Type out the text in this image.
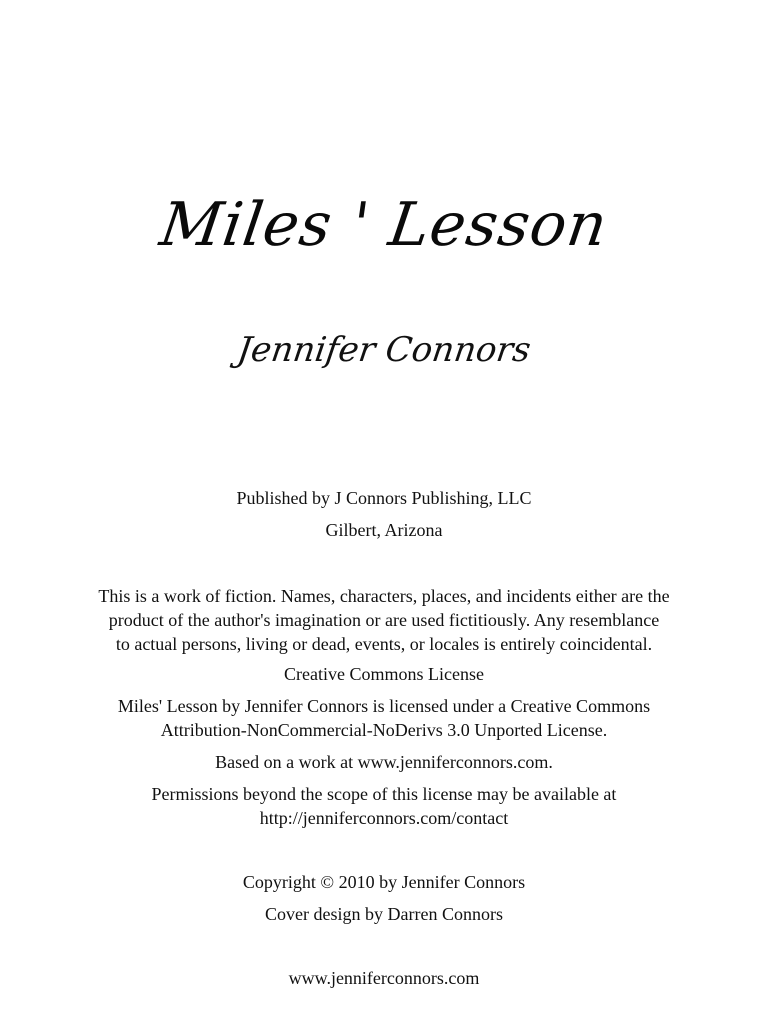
Miles ' Lesson
Jennifer Connors

Published by J Connors Publishing, LLC

Gilbert, Arizona

This is a work of fiction. Names, characters, places, and incidents either are the
product of the author's imagination or are used fictitiously. Any resemblance
to actual persons, living or dead, events, or locales is entirely coincidental.

Creative Commons License

Miles' Lesson by Jennifer Connors is licensed under a Creative Commons
Attribution-NonCommercial-NoDerivs 3.0 Unported License.

Based on a work at www.jenniferconnors.com.

Permissions beyond the scope of this license may be available at
http://jenniferconnors.com/contact

Copyright © 2010 by Jennifer Connors

Cover design by Darren Connors

www.jenniferconnors.com
